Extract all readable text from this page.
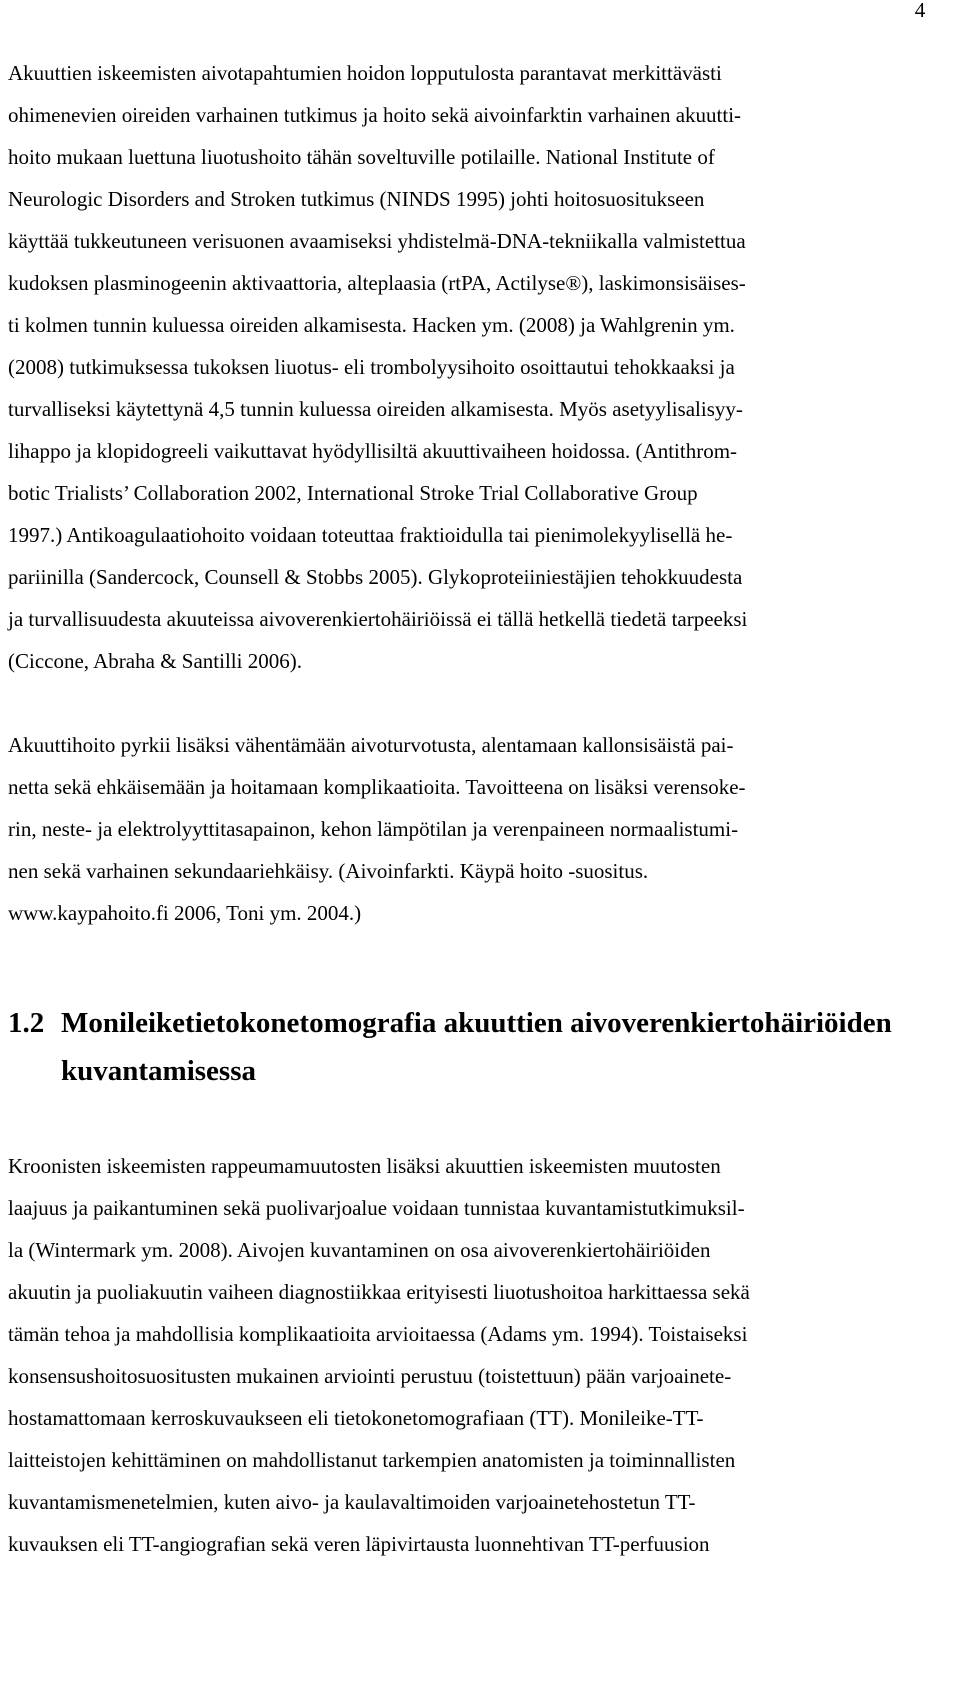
4
Akuuttien iskeemisten aivotapahtumien hoidon lopputulosta parantavat merkittävästi
ohimenevien oireiden varhainen tutkimus ja hoito sekä aivoinfarktin varhainen akuutti-
hoito mukaan luettuna liuotushoito tähän soveltuville potilaille. National Institute of
Neurologic Disorders and Stroken tutkimus (NINDS 1995) johti hoitosuositukseen
käyttää tukkeutuneen verisuonen avaamiseksi yhdistelmä-DNA-tekniikalla valmistettua
kudoksen plasminogeenin aktivaattoria, alteplaasia (rtPA, Actilyse®), laskimonsisäises-
ti kolmen tunnin kuluessa oireiden alkamisesta. Hacken ym. (2008) ja Wahlgrenin ym.
(2008) tutkimuksessa tukoksen liuotus- eli trombolyysihoito osoittautui tehokkaaksi ja
turvalliseksi käytettynä 4,5 tunnin kuluessa oireiden alkamisesta. Myös asetyylisalisyy-
lihappo ja klopidogreeli vaikuttavat hyödyllisiltä akuuttivaiheen hoidossa. (Antithrom-
botic Trialists’ Collaboration 2002, International Stroke Trial Collaborative Group
1997.) Antikoagulaatiohoito voidaan toteuttaa fraktioidulla tai pienimolekyylisellä he-
pariinilla (Sandercock, Counsell & Stobbs 2005). Glykoproteiiniestäjien tehokkuudesta
ja turvallisuudesta akuuteissa aivoverenkiertohäiriöissä ei tällä hetkellä tiedetä tarpeeksi
(Ciccone, Abraha & Santilli 2006).
Akuuttihoito pyrkii lisäksi vähentämään aivoturvotusta, alentamaan kallonsisäistä pai-
netta sekä ehkäisemään ja hoitamaan komplikaatioita. Tavoitteena on lisäksi verensoke-
rin, neste- ja elektrolyyttitasapainon, kehon lämpötilan ja verenpaineen normaalistumi-
nen sekä varhainen sekundaariehkäisy. (Aivoinfarkti. Käypä hoito -suositus.
www.kaypahoito.fi 2006, Toni ym. 2004.)
1.2 Monileiketietokonetomografia akuuttien aivoverenkiertohäiriöiden
kuvantamisessa
Kroonisten iskeemisten rappeumamuutosten lisäksi akuuttien iskeemisten muutosten
laajuus ja paikantuminen sekä puolivarjoalue voidaan tunnistaa kuvantamistutkimuksil-
la (Wintermark ym. 2008). Aivojen kuvantaminen on osa aivoverenkiertohäiriöiden
akuutin ja puoliakuutin vaiheen diagnostiikkaa erityisesti liuotushoitoa harkittaessa sekä
tämän tehoa ja mahdollisia komplikaatioita arvioitaessa (Adams ym. 1994). Toistaiseksi
konsensushoitosuositusten mukainen arviointi perustuu (toistettuun) pään varjoainete-
hostamattomaan kerroskuvaukseen eli tietokonetomografiaan (TT). Monileike-TT-
laitteistojen kehittäminen on mahdollistanut tarkempien anatomisten ja toiminnallisten
kuvantamismenetelmien, kuten aivo- ja kaulavaltimoiden varjoainetehostetun TT-
kuvauksen eli TT-angiografian sekä veren läpivirtausta luonnehtivan TT-perfuusion
